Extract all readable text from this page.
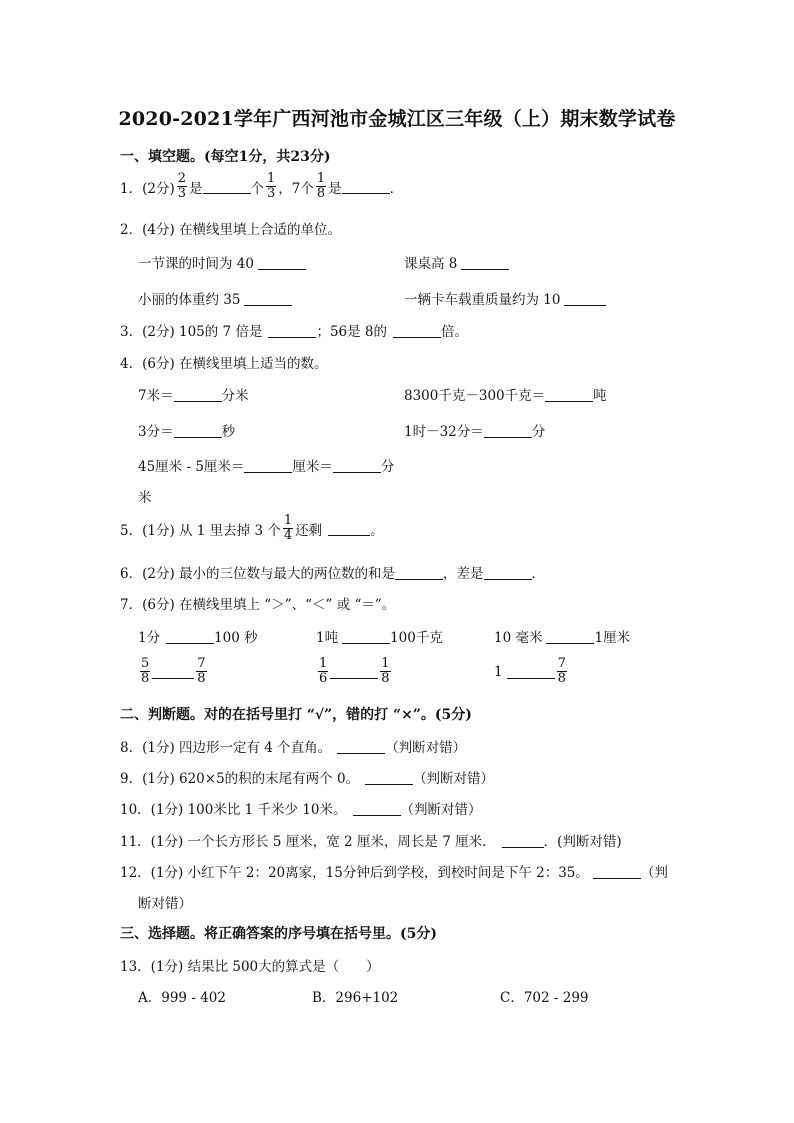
2020-2021学年广西河池市金城江区三年级（上）期末数学试卷
一、填空题。(每空1分，共23分)
1．(2分) $\frac{2}{3}$ 是	个 $\frac{1}{3}$ ，7个 $\frac{1}{8}$ 是	．
2．(4分) 在横线里填上合适的单位。
一节课的时间为 40	课桌高 8
小丽的体重约 35	一辆卡车载重质量约为 10
3．(2分) 105的 7 倍是	；56是 8的	倍。
4．(6分) 在横线里填上适当的数。
7米＝	分米	8300千克－300千克＝	吨
3分＝	秒	1时－32分＝	分
45厘米 - 5厘米＝	厘米＝	分
米
5．(1分) 从 1 里去掉 3 个 $\frac{1}{4}$ 还剩	。
6．(2分) 最小的三位数与最大的两位数的和是	，差是	．
7．(6分) 在横线里填上 “＞”、“＜” 或 “＝”。
1分	100 秒	1吨	100千克	10 毫米	1厘米
$\frac{5}{8}$	$\frac{7}{8}$	$\frac{1}{6}$	$\frac{1}{8}$	1	$\frac{7}{8}$
二、判断题。对的在括号里打 “√”，错的打 “×”。(5分)
8．(1分) 四边形一定有 4 个直角。	（判断对错）
9．(1分) 620×5的积的末尾有两个 0。	（判断对错）
10．(1分) 100米比 1 千米少 10米。	（判断对错）
11．(1分) 一个长方形长 5 厘米，宽 2 厘米，周长是 7 厘米．	．(判断对错)
12．(1分) 小红下午 2：20离家，15分钟后到学校，到校时间是下午 2：35。	（判
断对错）
三、选择题。将正确答案的序号填在括号里。(5分)
13．(1分) 结果比 500大的算式是（　　）
A．999 - 402	B．296+102	C．702 - 299
